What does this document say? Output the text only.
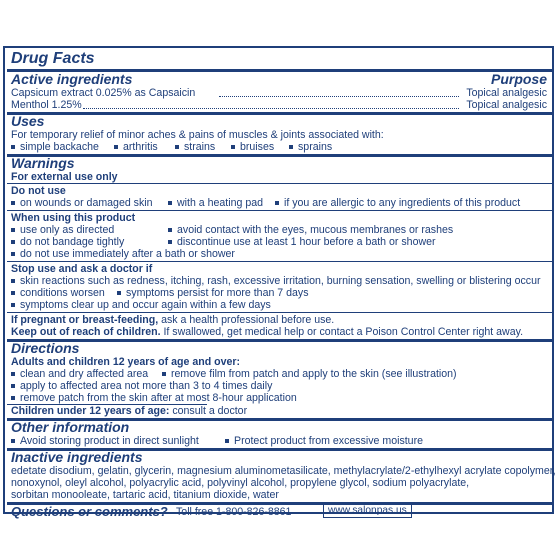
Drug Facts
Active ingredients	Purpose
Capsicum extract 0.025% as Capsaicin	Topical analgesic
Menthol 1.25%	Topical analgesic
Uses
For temporary relief of minor aches & pains of muscles & joints associated with:
simple backache	arthritis	strains	bruises	sprains
Warnings
For external use only
Do not use
on wounds or damaged skin	with a heating pad	if you are allergic to any ingredients of this product
When using this product
use only as directed	avoid contact with the eyes, mucous membranes or rashes
do not bandage tightly	discontinue use at least 1 hour before a bath or shower
do not use immediately after a bath or shower
Stop use and ask a doctor if
skin reactions such as redness, itching, rash, excessive irritation, burning sensation, swelling or blistering occur
conditions worsen	symptoms persist for more than 7 days
symptoms clear up and occur again within a few days
If pregnant or breast-feeding, ask a health professional before use.
Keep out of reach of children. If swallowed, get medical help or contact a Poison Control Center right away.
Directions
Adults and children 12 years of age and over:
clean and dry affected area	remove film from patch and apply to the skin (see illustration)
apply to affected area not more than 3 to 4 times daily
remove patch from the skin after at most 8-hour application
Children under 12 years of age: consult a doctor
Other information
Avoid storing product in direct sunlight	Protect product from excessive moisture
Inactive ingredients
edetate disodium, gelatin, glycerin, magnesium aluminometasilicate, methylacrylate/2-ethylhexyl acrylate copolymer,
nonoxynol, oleyl alcohol, polyacrylic acid, polyvinyl alcohol, propylene glycol, sodium polyacrylate,
sorbitan monooleate, tartaric acid, titanium dioxide, water
Questions or comments? Toll free 1-800-826-8861	www.salonpas.us
